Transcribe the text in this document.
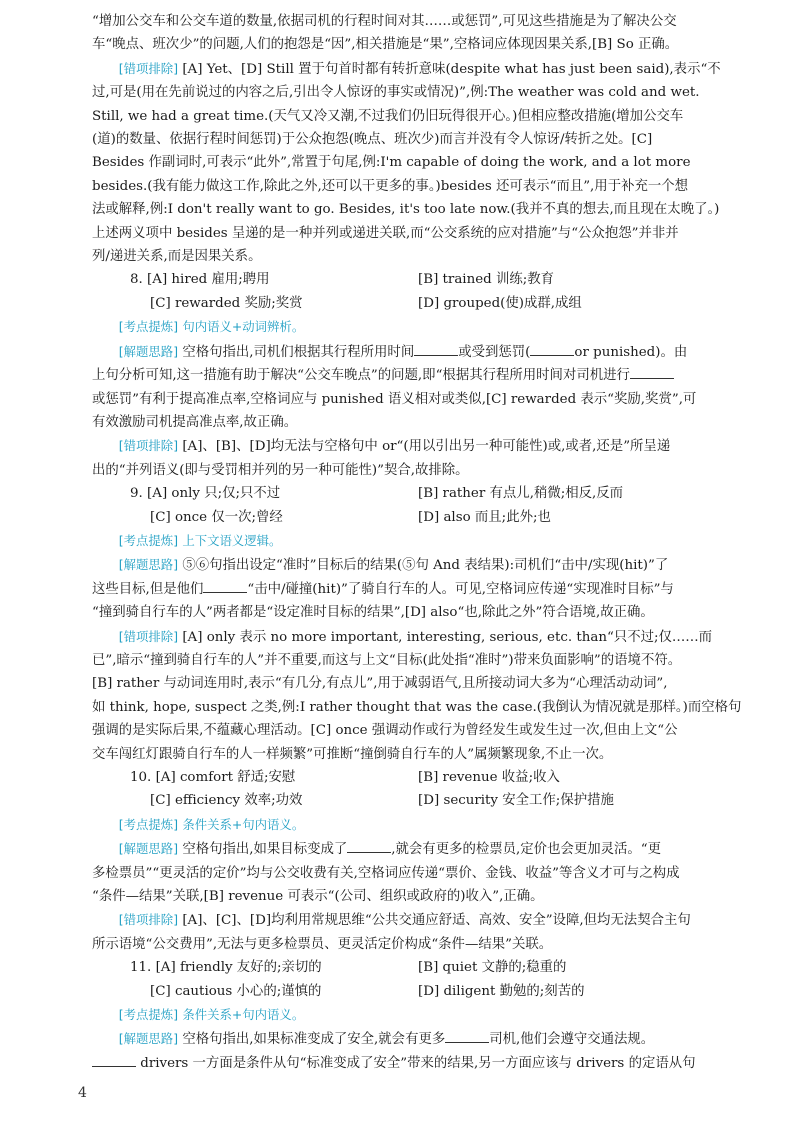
“增加公交车和公交车道的数量,依据司机的行程时间对其……或惩罚”,可见这些措施是为了解决公交

车“晚点、班次少”的问题,人们的抱怨是“因”,相关措施是“果”,空格词应体现因果关系,[B] So 正确。

[错项排除] [A] Yet、[D] Still 置于句首时都有转折意味(despite what has just been said),表示“不

过,可是(用在先前说过的内容之后,引出令人惊讶的事实或情况)”,例:The weather was cold and wet.

Still, we had a great time.(天气又冷又潮,不过我们仍旧玩得很开心。)但相应整改措施(增加公交车

(道)的数量、依据行程时间惩罚)于公众抱怨(晚点、班次少)而言并没有令人惊讶/转折之处。[C]

Besides 作副词时,可表示“此外”,常置于句尾,例:I'm capable of doing the work, and a lot more

besides.(我有能力做这工作,除此之外,还可以干更多的事。)besides 还可表示“而且”,用于补充一个想

法或解释,例:I don't really want to go. Besides, it's too late now.(我并不真的想去,而且现在太晚了。)

上述两义项中 besides 呈递的是一种并列或递进关联,而“公交系统的应对措施”与“公众抱怨”并非并

列/递进关系,而是因果关系。

8. [A] hired 雇用;聘用	[B] trained 训练;教育
[C] rewarded 奖励;奖赏	[D] grouped(使)成群,成组

[考点提炼] 句内语义+动词辨析。

[解题思路] 空格句指出,司机们根据其行程所用时间	或受到惩罚(	or punished)。由

上句分析可知,这一措施有助于解决“公交车晚点”的问题,即“根据其行程所用时间对司机进行

或惩罚”有利于提高准点率,空格词应与 punished 语义相对或类似,[C] rewarded 表示“奖励,奖赏”,可

有效激励司机提高准点率,故正确。

[错项排除] [A]、[B]、[D]均无法与空格句中 or“(用以引出另一种可能性)或,或者,还是”所呈递

出的“并列语义(即与受罚相并列的另一种可能性)”契合,故排除。

9. [A] only 只;仅;只不过	[B] rather 有点儿,稍微;相反,反而
[C] once 仅一次;曾经	[D] also 而且;此外;也

[考点提炼] 上下文语义逻辑。

[解题思路] ⑤⑥句指出设定“准时”目标后的结果(⑤句 And 表结果):司机们“击中/实现(hit)”了

这些目标,但是他们	“击中/碰撞(hit)”了骑自行车的人。可见,空格词应传递“实现准时目标”与

“撞到骑自行车的人”两者都是“设定准时目标的结果”,[D] also“也,除此之外”符合语境,故正确。

[错项排除] [A] only 表示 no more important, interesting, serious, etc. than“只不过;仅……而

已”,暗示“撞到骑自行车的人”并不重要,而这与上文“目标(此处指“准时”)带来负面影响”的语境不符。

[B] rather 与动词连用时,表示“有几分,有点儿”,用于减弱语气,且所接动词大多为“心理活动动词”,

如 think, hope, suspect 之类,例:I rather thought that was the case.(我倒认为情况就是那样。)而空格句

强调的是实际后果,不蕴藏心理活动。[C] once 强调动作或行为曾经发生或发生过一次,但由上文“公

交车闯红灯跟骑自行车的人一样频繁”可推断“撞倒骑自行车的人”属频繁现象,不止一次。

10. [A] comfort 舒适;安慰	[B] revenue 收益;收入
[C] efficiency 效率;功效	[D] security 安全工作;保护措施

[考点提炼] 条件关系+句内语义。

[解题思路] 空格句指出,如果目标变成了	,就会有更多的检票员,定价也会更加灵活。“更

多检票员”“更灵活的定价”均与公交收费有关,空格词应传递“票价、金钱、收益”等含义才可与之构成

“条件—结果”关联,[B] revenue 可表示“(公司、组织或政府的)收入”,正确。

[错项排除] [A]、[C]、[D]均利用常规思维“公共交通应舒适、高效、安全”设障,但均无法契合主句

所示语境“公交费用”,无法与更多检票员、更灵活定价构成“条件—结果”关联。

11. [A] friendly 友好的;亲切的	[B] quiet 文静的;稳重的
[C] cautious 小心的;谨慎的	[D] diligent 勤勉的;刻苦的

[考点提炼] 条件关系+句内语义。

[解题思路] 空格句指出,如果标准变成了安全,就会有更多	司机,他们会遵守交通法规。

drivers 一方面是条件从句“标准变成了安全”带来的结果,另一方面应该与 drivers 的定语从句

4
